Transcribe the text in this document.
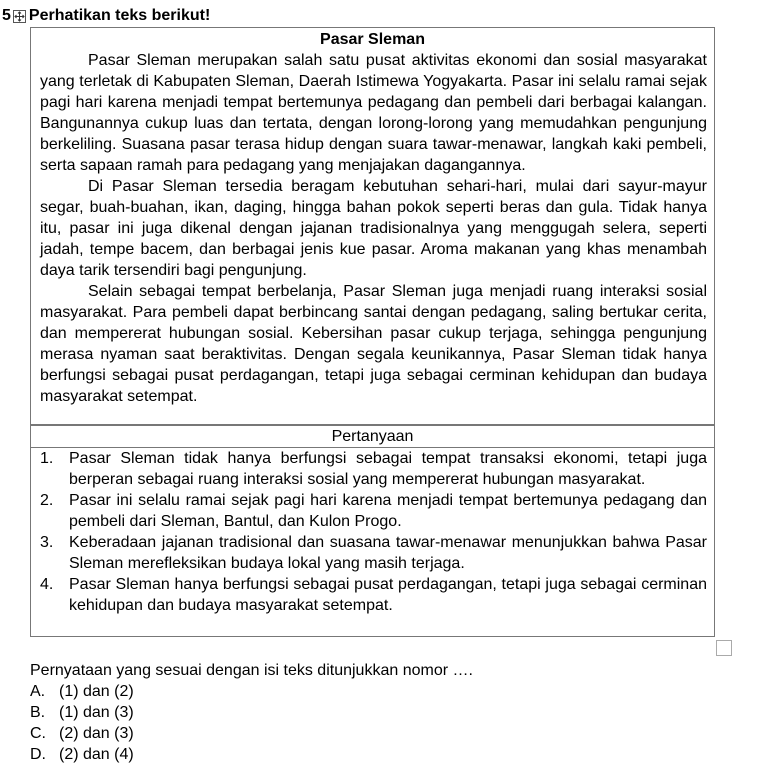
5 Perhatikan teks berikut!
Pasar Sleman

Pasar Sleman merupakan salah satu pusat aktivitas ekonomi dan sosial masyarakat yang terletak di Kabupaten Sleman, Daerah Istimewa Yogyakarta. Pasar ini selalu ramai sejak pagi hari karena menjadi tempat bertemunya pedagang dan pembeli dari berbagai kalangan. Bangunannya cukup luas dan tertata, dengan lorong-lorong yang memudahkan pengunjung berkeliling. Suasana pasar terasa hidup dengan suara tawar-menawar, langkah kaki pembeli, serta sapaan ramah para pedagang yang menjajakan dagangannya.

Di Pasar Sleman tersedia beragam kebutuhan sehari-hari, mulai dari sayur-mayur segar, buah-buahan, ikan, daging, hingga bahan pokok seperti beras dan gula. Tidak hanya itu, pasar ini juga dikenal dengan jajanan tradisionalnya yang menggugah selera, seperti jadah, tempe bacem, dan berbagai jenis kue pasar. Aroma makanan yang khas menambah daya tarik tersendiri bagi pengunjung.

Selain sebagai tempat berbelanja, Pasar Sleman juga menjadi ruang interaksi sosial masyarakat. Para pembeli dapat berbincang santai dengan pedagang, saling bertukar cerita, dan mempererat hubungan sosial. Kebersihan pasar cukup terjaga, sehingga pengunjung merasa nyaman saat beraktivitas. Dengan segala keunikannya, Pasar Sleman tidak hanya berfungsi sebagai pusat perdagangan, tetapi juga sebagai cerminan kehidupan dan budaya masyarakat setempat.

Pertanyaan
1. Pasar Sleman tidak hanya berfungsi sebagai tempat transaksi ekonomi, tetapi juga berperan sebagai ruang interaksi sosial yang mempererat hubungan masyarakat.
2. Pasar ini selalu ramai sejak pagi hari karena menjadi tempat bertemunya pedagang dan pembeli dari Sleman, Bantul, dan Kulon Progo.
3. Keberadaan jajanan tradisional dan suasana tawar-menawar menunjukkan bahwa Pasar Sleman merefleksikan budaya lokal yang masih terjaga.
4. Pasar Sleman hanya berfungsi sebagai pusat perdagangan, tetapi juga sebagai cerminan kehidupan dan budaya masyarakat setempat.
Pernyataan yang sesuai dengan isi teks ditunjukkan nomor ….
A. (1) dan (2)
B. (1) dan (3)
C. (2) dan (3)
D. (2) dan (4)
